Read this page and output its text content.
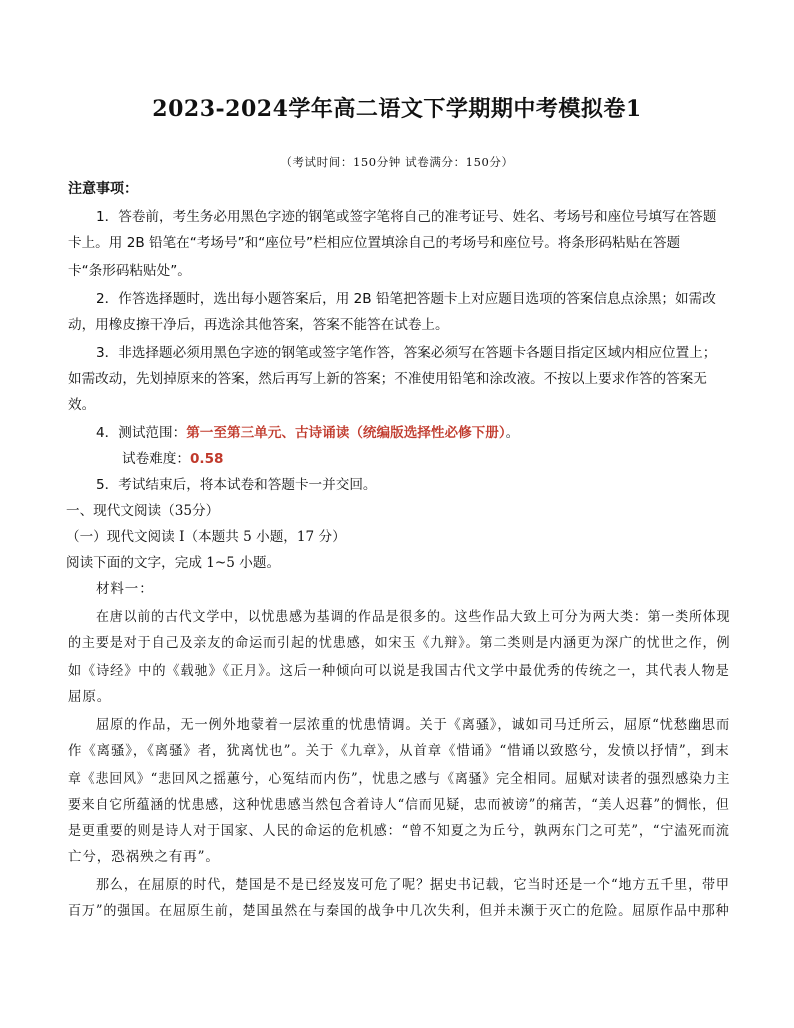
2023-2024学年高二语文下学期期中考模拟卷1
（考试时间：150分钟 试卷满分：150分）
注意事项：
1．答卷前，考生务必用黑色字迹的钢笔或签字笔将自己的准考证号、姓名、考场号和座位号填写在答题
卡上。用 2B 铅笔在“考场号”和“座位号”栏相应位置填涂自己的考场号和座位号。将条形码粘贴在答题
卡“条形码粘贴处”。
2．作答选择题时，选出每小题答案后，用 2B 铅笔把答题卡上对应题目选项的答案信息点涂黑；如需改
动，用橡皮擦干净后，再选涂其他答案，答案不能答在试卷上。
3．非选择题必须用黑色字迹的钢笔或签字笔作答，答案必须写在答题卡各题目指定区域内相应位置上；
如需改动，先划掉原来的答案，然后再写上新的答案；不准使用铅笔和涂改液。不按以上要求作答的答案无
效。
4．测试范围：第一至第三单元、古诗诵读（统编版选择性必修下册）。
试卷难度：0.58
5．考试结束后，将本试卷和答题卡一并交回。
一、现代文阅读（35分）
（一）现代文阅读 I（本题共 5 小题，17 分）
阅读下面的文字，完成 1~5 小题。
材料一：
在唐以前的古代文学中，以忧患感为基调的作品是很多的。这些作品大致上可分为两大类：第一类所体现
的主要是对于自己及亲友的命运而引起的忧患感，如宋玉《九辩》。第二类则是内涵更为深广的忧世之作，例
如《诗经》中的《载驰》《正月》。这后一种倾向可以说是我国古代文学中最优秀的传统之一，其代表人物是
屈原。
屈原的作品，无一例外地蒙着一层浓重的忧患情调。关于《离骚》，诚如司马迁所云，屈原“忧愁幽思而
作《离骚》，《离骚》者，犹离忧也”。关于《九章》，从首章《惜诵》“惜诵以致愍兮，发愤以抒情”，到末
章《悲回风》“悲回风之摇蕙兮，心冤结而内伤”，忧患之感与《离骚》完全相同。屈赋对读者的强烈感染力主
要来自它所蕴涵的忧患感，这种忧患感当然包含着诗人“信而见疑，忠而被谤”的痛苦，“美人迟暮”的惆怅，但
是更重要的则是诗人对于国家、人民的命运的危机感：“曾不知夏之为丘兮，孰两东门之可芜”，“宁溘死而流
亡兮，恐祸殃之有再”。
那么，在屈原的时代，楚国是不是已经岌岌可危了呢？据史书记载，它当时还是一个“地方五千里，带甲
百万”的强国。在屈原生前，楚国虽然在与秦国的战争中几次失利，但并未濒于灭亡的危险。屈原作品中那种
